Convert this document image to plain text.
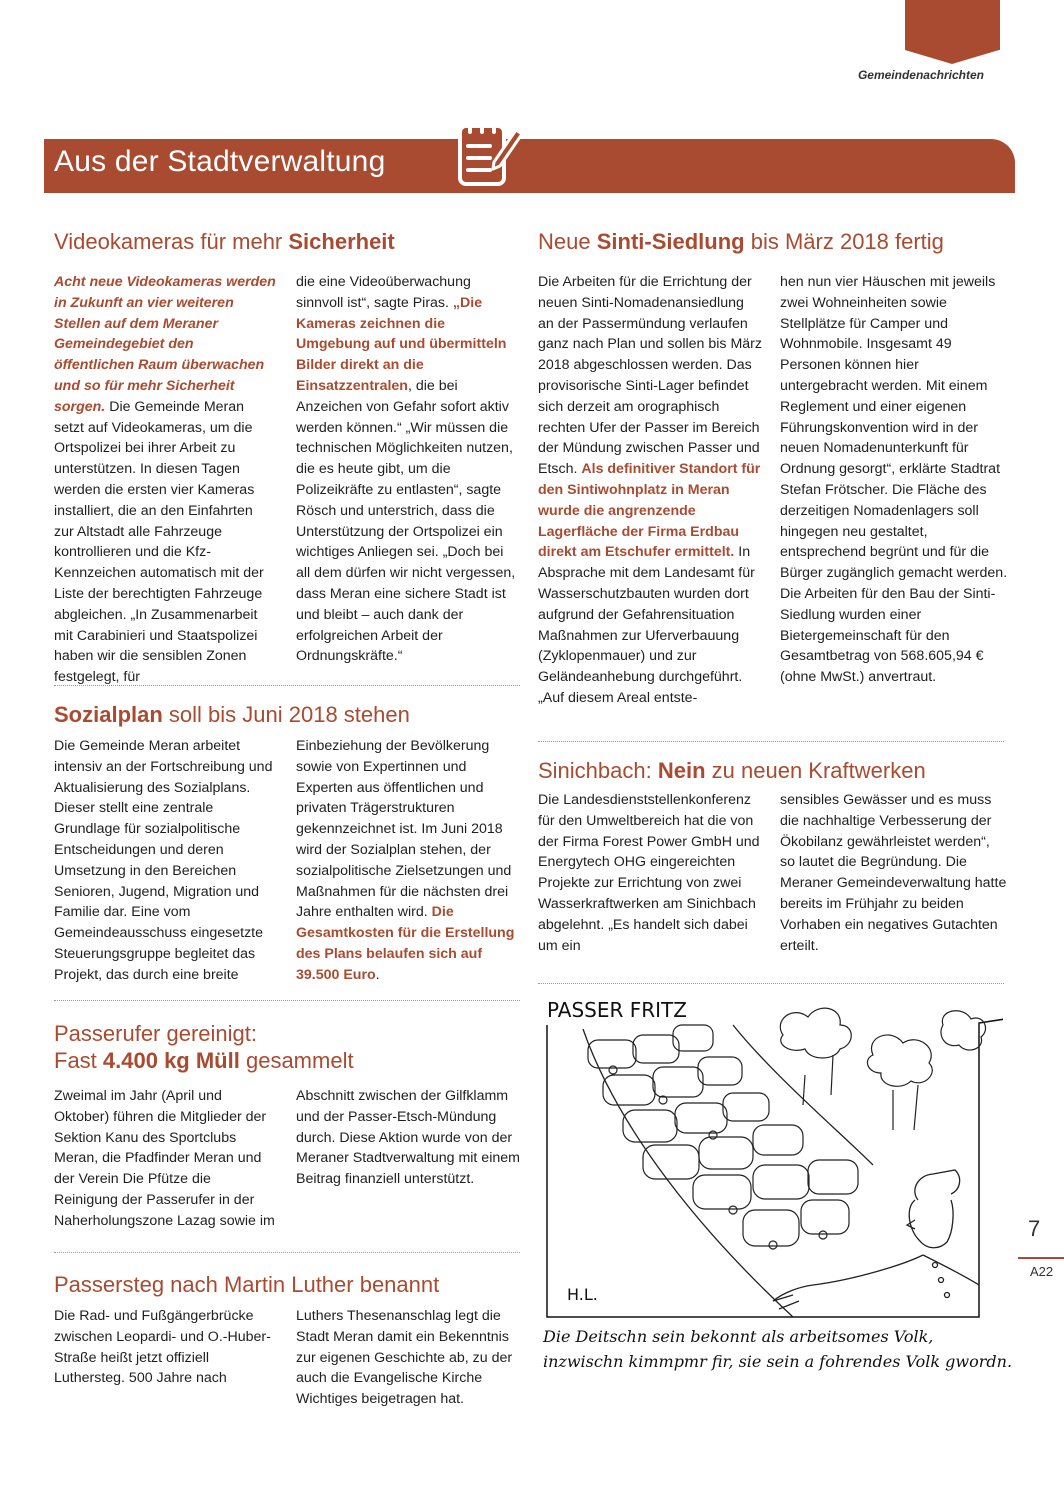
Gemeindenachrichten
Aus der Stadtverwaltung
Videokameras für mehr Sicherheit

Acht neue Videokameras werden in Zukunft an vier weiteren Stellen auf dem Meraner Gemeindegebiet den öffentlichen Raum überwachen und so für mehr Sicherheit sorgen. Die Gemeinde Meran setzt auf Videokameras, um die Ortspolizei bei ihrer Arbeit zu unterstützen. In diesen Tagen werden die ersten vier Kameras installiert, die an den Einfahrten zur Altstadt alle Fahrzeuge kontrollieren und die Kfz-Kennzeichen automatisch mit der Liste der berechtigten Fahrzeuge abgleichen. „In Zusammenarbeit mit Carabinieri und Staatspolizei haben wir die sensiblen Zonen festgelegt, für

die eine Videoüberwachung sinnvoll ist“, sagte Piras. „Die Kameras zeichnen die Umgebung auf und übermitteln Bilder direkt an die Einsatzzentralen, die bei Anzeichen von Gefahr sofort aktiv werden können.“ „Wir müssen die technischen Möglichkeiten nutzen, die es heute gibt, um die Polizeikräfte zu entlasten“, sagte Rösch und unterstrich, dass die Unterstützung der Ortspolizei ein wichtiges Anliegen sei. „Doch bei all dem dürfen wir nicht vergessen, dass Meran eine sichere Stadt ist und bleibt – auch dank der erfolgreichen Arbeit der Ordnungskräfte.“

Sozialplan soll bis Juni 2018 stehen

Die Gemeinde Meran arbeitet intensiv an der Fortschreibung und Aktualisierung des Sozialplans. Dieser stellt eine zentrale Grundlage für sozialpolitische Entscheidungen und deren Umsetzung in den Bereichen Senioren, Jugend, Migration und Familie dar. Eine vom Gemeindeausschuss eingesetzte Steuerungsgruppe begleitet das Projekt, das durch eine breite

Einbeziehung der Bevölkerung sowie von Expertinnen und Experten aus öffentlichen und privaten Trägerstrukturen gekennzeichnet ist. Im Juni 2018 wird der Sozialplan stehen, der sozialpolitische Zielsetzungen und Maßnahmen für die nächsten drei Jahre enthalten wird. Die Gesamtkosten für die Erstellung des Plans belaufen sich auf 39.500 Euro.

Passerufer gereinigt:
Fast 4.400 kg Müll gesammelt

Zweimal im Jahr (April und Oktober) führen die Mitglieder der Sektion Kanu des Sportclubs Meran, die Pfadfinder Meran und der Verein Die Pfütze die Reinigung der Passerufer in der Naherholungszone Lazag sowie im

Abschnitt zwischen der Gilfklamm und der Passer-Etsch-Mündung durch. Diese Aktion wurde von der Meraner Stadtverwaltung mit einem Beitrag finanziell unterstützt.

Passersteg nach Martin Luther benannt

Die Rad- und Fußgängerbrücke zwischen Leopardi- und O.-Huber-Straße heißt jetzt offiziell Luthersteg. 500 Jahre nach

Luthers Thesenanschlag legt die Stadt Meran damit ein Bekenntnis zur eigenen Geschichte ab, zu der auch die Evangelische Kirche Wichtiges beigetragen hat.

Neue Sinti-Siedlung bis März 2018 fertig

Die Arbeiten für die Errichtung der neuen Sinti-Nomadenansiedlung an der Passermündung verlaufen ganz nach Plan und sollen bis März 2018 abgeschlossen werden. Das provisorische Sinti-Lager befindet sich derzeit am orographisch rechten Ufer der Passer im Bereich der Mündung zwischen Passer und Etsch. Als definitiver Standort für den Sintiwohnplatz in Meran wurde die angrenzende Lagerfläche der Firma Erdbau direkt am Etschufer ermittelt. In Absprache mit dem Landesamt für Wasserschutzbauten wurden dort aufgrund der Gefahrensituation Maßnahmen zur Uferverbauung (Zyklopenmauer) und zur Geländeanhebung durchgeführt. „Auf diesem Areal entste-

hen nun vier Häuschen mit jeweils zwei Wohneinheiten sowie Stellplätze für Camper und Wohnmobile. Insgesamt 49 Personen können hier untergebracht werden. Mit einem Reglement und einer eigenen Führungskonvention wird in der neuen Nomadenunterkunft für Ordnung gesorgt“, erklärte Stadtrat Stefan Frötscher. Die Fläche des derzeitigen Nomadenlagers soll hingegen neu gestaltet, entsprechend begrünt und für die Bürger zugänglich gemacht werden. Die Arbeiten für den Bau der Sinti-Siedlung wurden einer Bietergemeinschaft für den Gesamtbetrag von 568.605,94 € (ohne MwSt.) anvertraut.

Sinichbach: Nein zu neuen Kraftwerken

Die Landesdienststellenkonferenz für den Umweltbereich hat die von der Firma Forest Power GmbH und Energytech OHG eingereichten Projekte zur Errichtung von zwei Wasserkraftwerken am Sinichbach abgelehnt. „Es handelt sich dabei um ein

sensibles Gewässer und es muss die nachhaltige Verbesserung der Ökobilanz gewährleistet werden“, so lautet die Begründung. Die Meraner Gemeindeverwaltung hatte bereits im Frühjahr zu beiden Vorhaben ein negatives Gutachten erteilt.

PASSER FRITZ
H.L.
Die Deitschn sein bekonnt als arbeitsomes Volk, inzwischn kimmpmr fir, sie sein a fohrendes Volk gwordn.
7
A22
